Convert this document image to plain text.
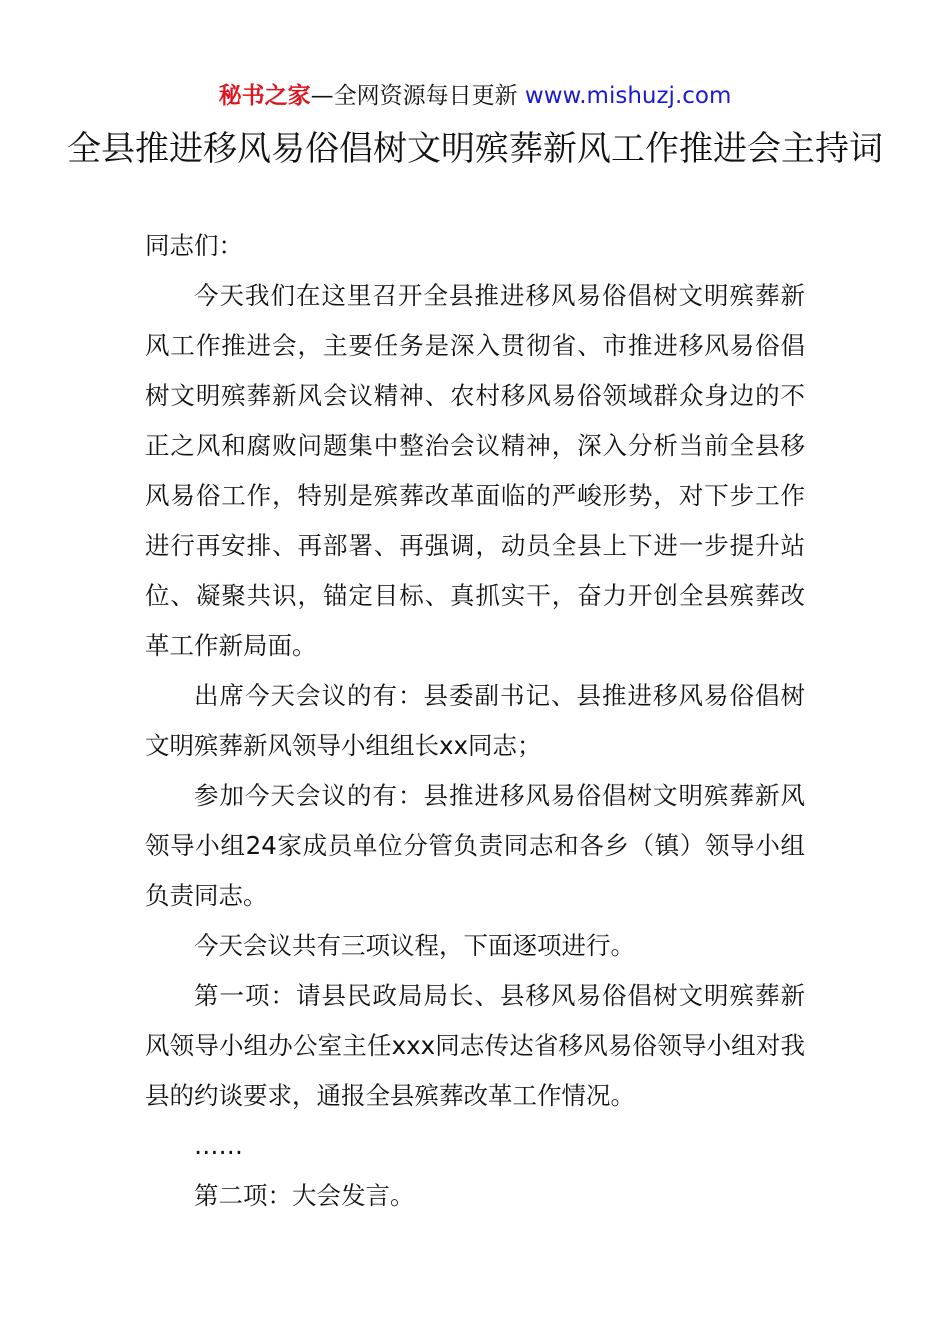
秘书之家—全网资源每日更新 www.mishuzj.com
全县推进移风易俗倡树文明殡葬新风工作推进会主持词

同志们：

今天我们在这里召开全县推进移风易俗倡树文明殡葬新风工作推进会，主要任务是深入贯彻省、市推进移风易俗倡树文明殡葬新风会议精神、农村移风易俗领域群众身边的不正之风和腐败问题集中整治会议精神，深入分析当前全县移风易俗工作，特别是殡葬改革面临的严峻形势，对下步工作进行再安排、再部署、再强调，动员全县上下进一步提升站位、凝聚共识，锚定目标、真抓实干，奋力开创全县殡葬改革工作新局面。

出席今天会议的有：县委副书记、县推进移风易俗倡树文明殡葬新风领导小组组长xx同志；

参加今天会议的有：县推进移风易俗倡树文明殡葬新风领导小组24家成员单位分管负责同志和各乡（镇）领导小组负责同志。

今天会议共有三项议程，下面逐项进行。

第一项：请县民政局局长、县移风易俗倡树文明殡葬新风领导小组办公室主任xxx同志传达省移风易俗领导小组对我县的约谈要求，通报全县殡葬改革工作情况。

……

第二项：大会发言。
